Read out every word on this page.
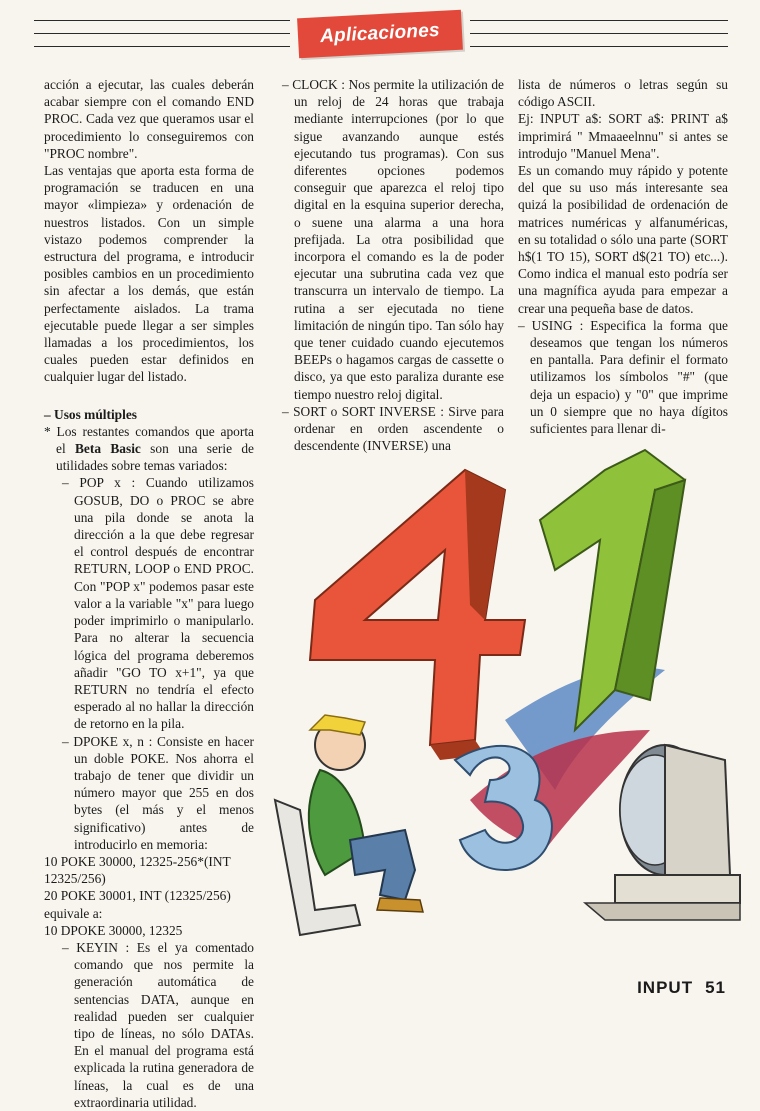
Aplicaciones

acción a ejecutar, las cuales deberán acabar siempre con el comando END PROC. Cada vez que queramos usar el procedimiento lo conseguiremos con "PROC nombre".

Las ventajas que aporta esta forma de programación se traducen en una mayor «limpieza» y ordenación de nuestros listados. Con un simple vistazo podemos comprender la estructura del programa, e introducir posibles cambios en un procedimiento sin afectar a los demás, que están perfectamente aislados. La trama ejecutable puede llegar a ser simples llamadas a los procedimientos, los cuales pueden estar definidos en cualquier lugar del listado.

– Usos múltiples

* Los restantes comandos que aporta el Beta Basic son una serie de utilidades sobre temas variados:

– POP x : Cuando utilizamos GOSUB, DO o PROC se abre una pila donde se anota la dirección a la que debe regresar el control después de encontrar RETURN, LOOP o END PROC. Con "POP x" podemos pasar este valor a la variable "x" para luego poder imprimirlo o manipularlo. Para no alterar la secuencia lógica del programa deberemos añadir "GO TO x+1", ya que RETURN no tendría el efecto esperado al no hallar la dirección de retorno en la pila.

– DPOKE x, n : Consiste en hacer un doble POKE. Nos ahorra el trabajo de tener que dividir un número mayor que 255 en dos bytes (el más y el menos significativo) antes de introducirlo en memoria:

10 POKE 30000, 12325-256*(INT

12325/256)

20 POKE 30001, INT (12325/256)

equivale a:

10 DPOKE 30000, 12325

– KEYIN : Es el ya comentado comando que nos permite la generación automática de sentencias DATA, aunque en realidad pueden ser cualquier tipo de líneas, no sólo DATAs. En el manual del programa está explicada la rutina generadora de líneas, la cual es de una extraordinaria utilidad.

– CLOCK : Nos permite la utilización de un reloj de 24 horas que trabaja mediante interrupciones (por lo que sigue avanzando aunque estés ejecutando tus programas). Con sus diferentes opciones podemos conseguir que aparezca el reloj tipo digital en la esquina superior derecha, o suene una alarma a una hora prefijada. La otra posibilidad que incorpora el comando es la de poder ejecutar una subrutina cada vez que transcurra un intervalo de tiempo. La rutina a ser ejecutada no tiene limitación de ningún tipo. Tan sólo hay que tener cuidado cuando ejecutemos BEEPs o hagamos cargas de cassette o disco, ya que esto paraliza durante ese tiempo nuestro reloj digital.

– SORT o SORT INVERSE : Sirve para ordenar en orden ascendente o descendente (INVERSE) una

lista de números o letras según su código ASCII.

Ej: INPUT a$: SORT a$: PRINT a$ imprimirá " Mmaaeelnnu" si antes se introdujo "Manuel Mena".

Es un comando muy rápido y potente del que su uso más interesante sea quizá la posibilidad de ordenación de matrices numéricas y alfanuméricas, en su totalidad o sólo una parte (SORT h$(1 TO 15), SORT d$(21 TO) etc...). Como indica el manual esto podría ser una magnífica ayuda para empezar a crear una pequeña base de datos.

– USING : Especifica la forma que deseamos que tengan los números en pantalla. Para definir el formato utilizamos los símbolos "#" (que deja un espacio) y "0" que imprime un 0 siempre que no haya dígitos suficientes para llenar di-

INPUT 51
